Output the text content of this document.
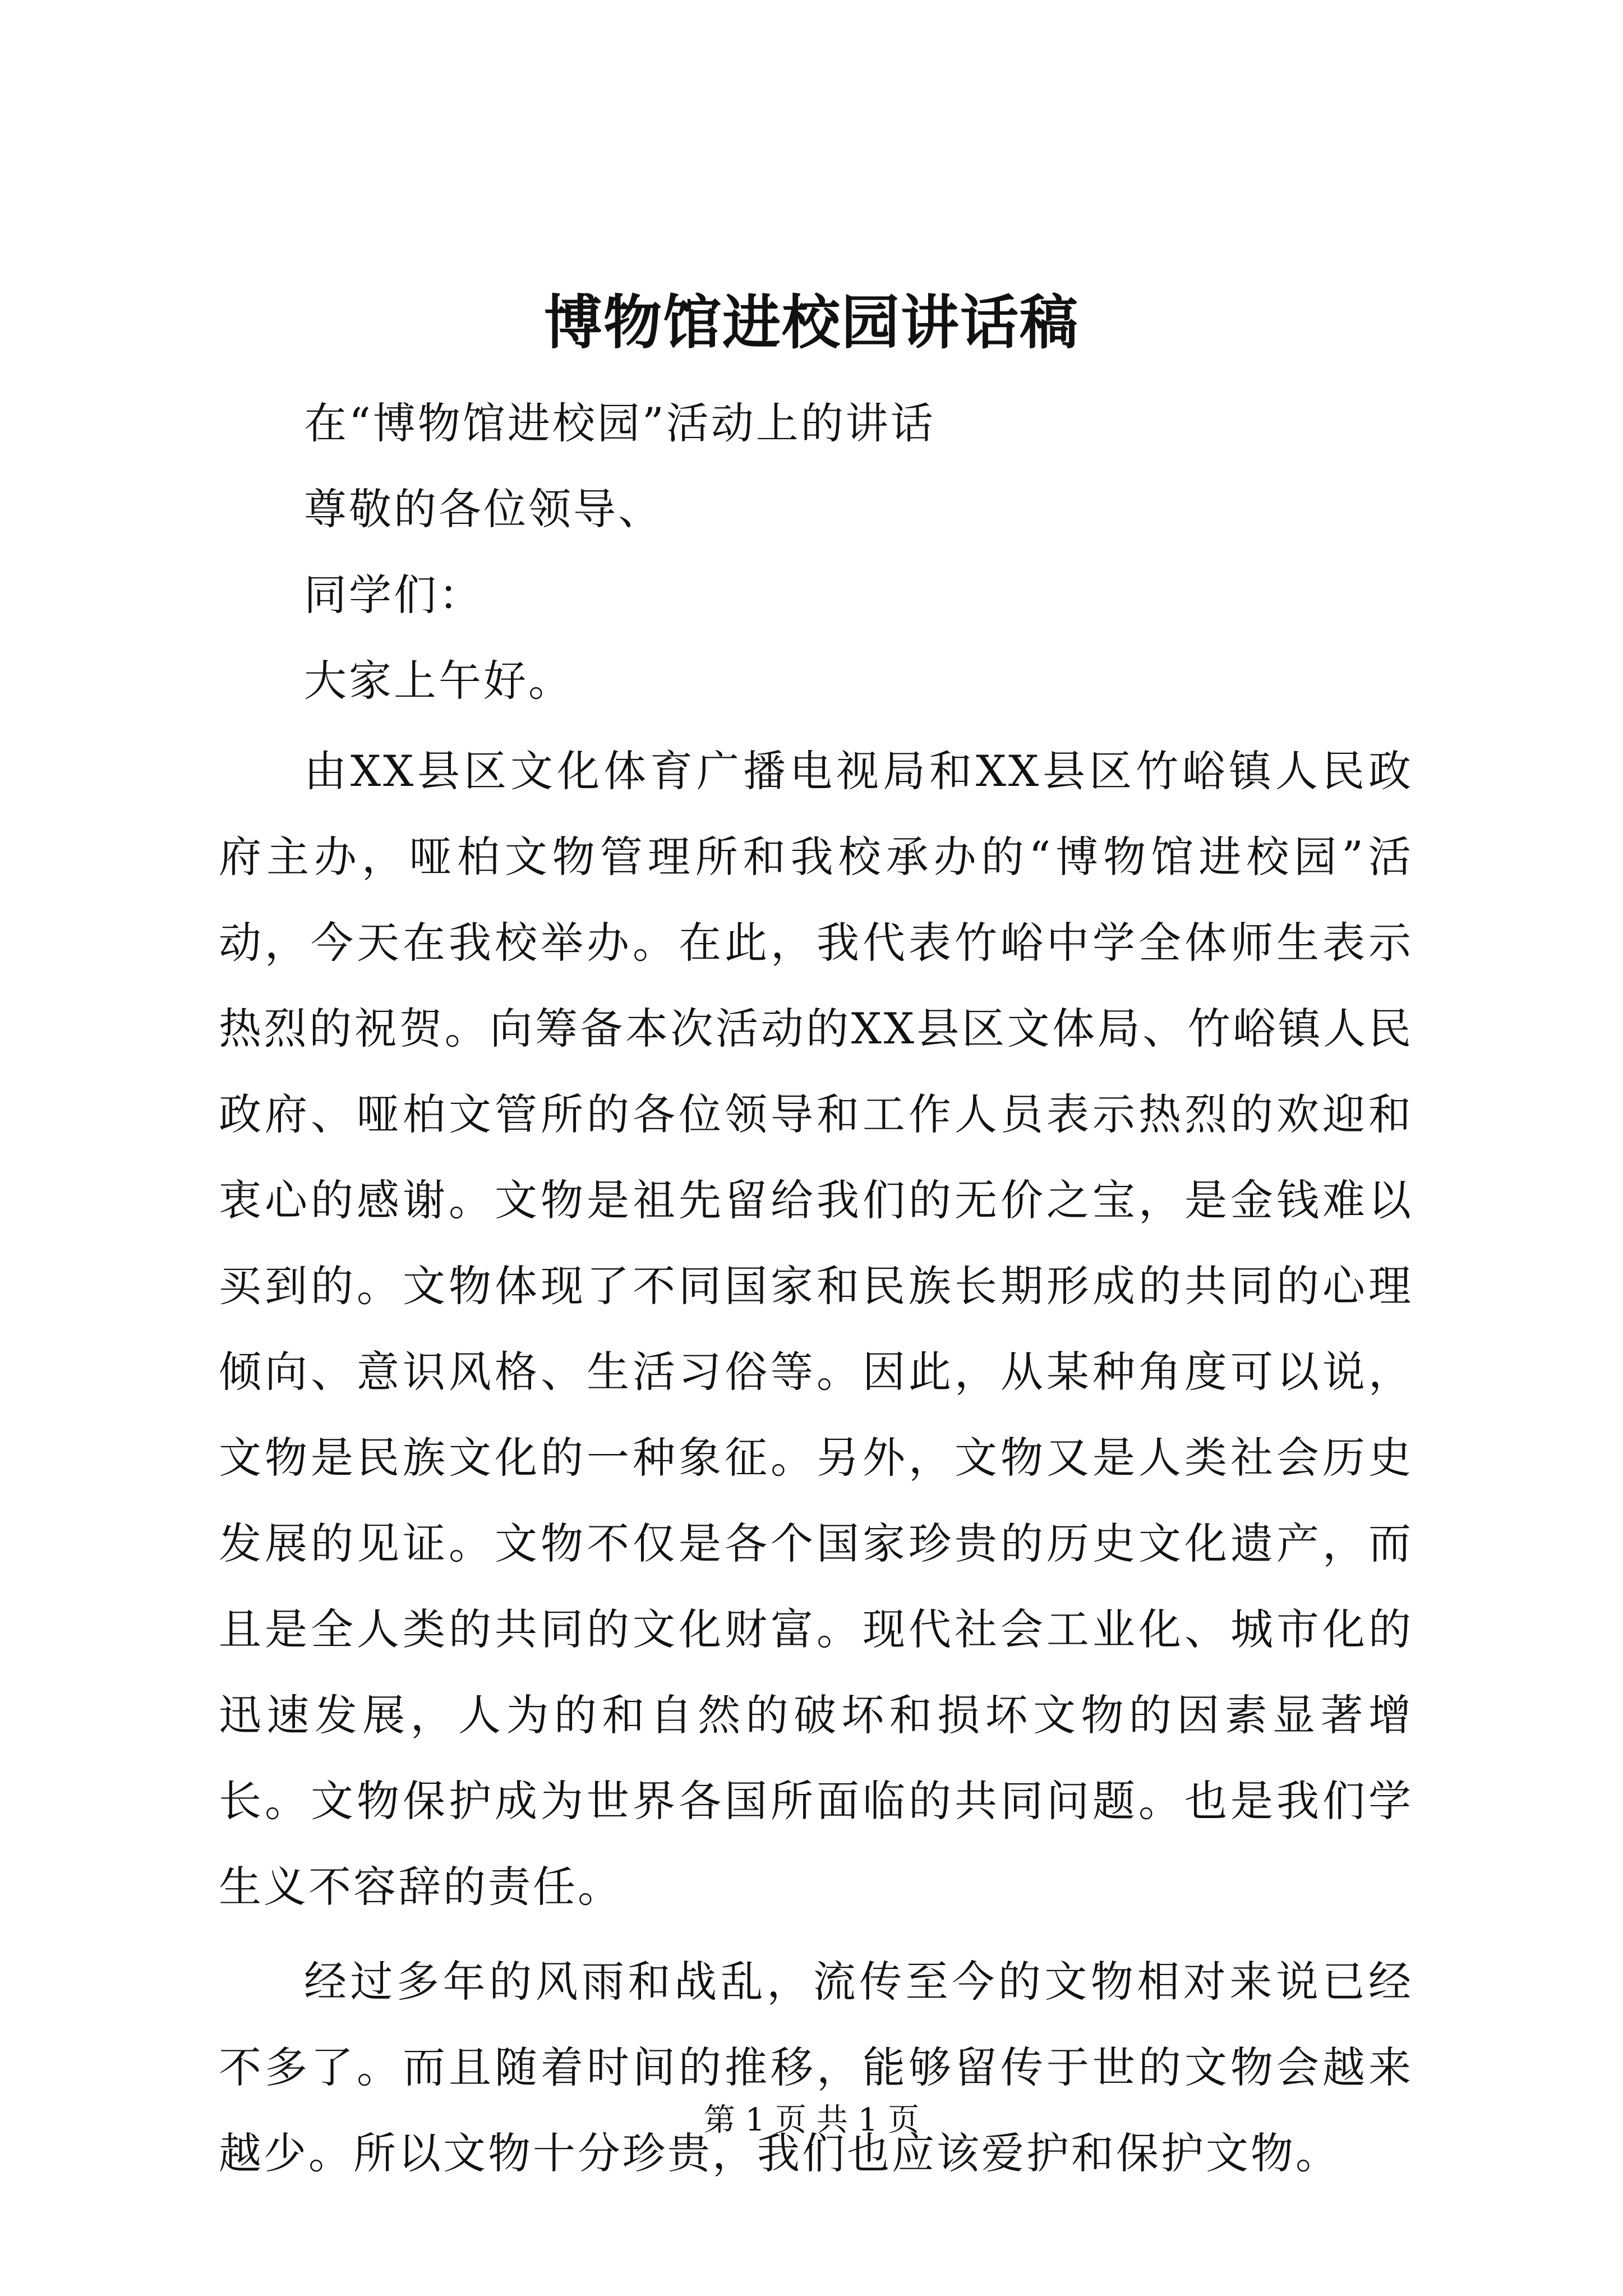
博物馆进校园讲话稿

在“博物馆进校园”活动上的讲话

尊敬的各位领导、

同学们：

大家上午好。

由XX县区文化体育广播电视局和XX县区竹峪镇人民政府主办，哑柏文物管理所和我校承办的“博物馆进校园”活动，今天在我校举办。在此，我代表竹峪中学全体师生表示热烈的祝贺。向筹备本次活动的XX县区文体局、竹峪镇人民政府、哑柏文管所的各位领导和工作人员表示热烈的欢迎和衷心的感谢。文物是祖先留给我们的无价之宝，是金钱难以买到的。文物体现了不同国家和民族长期形成的共同的心理倾向、意识风格、生活习俗等。因此，从某种角度可以说，文物是民族文化的一种象征。另外，文物又是人类社会历史发展的见证。文物不仅是各个国家珍贵的历史文化遗产，而且是全人类的共同的文化财富。现代社会工业化、城市化的迅速发展，人为的和自然的破坏和损坏文物的因素显著增长。文物保护成为世界各国所面临的共同问题。也是我们学生义不容辞的责任。

经过多年的风雨和战乱，流传至今的文物相对来说已经不多了。而且随着时间的推移，能够留传于世的文物会越来越少。所以文物十分珍贵，我们也应该爱护和保护文物。

第 1 页 共 1 页
